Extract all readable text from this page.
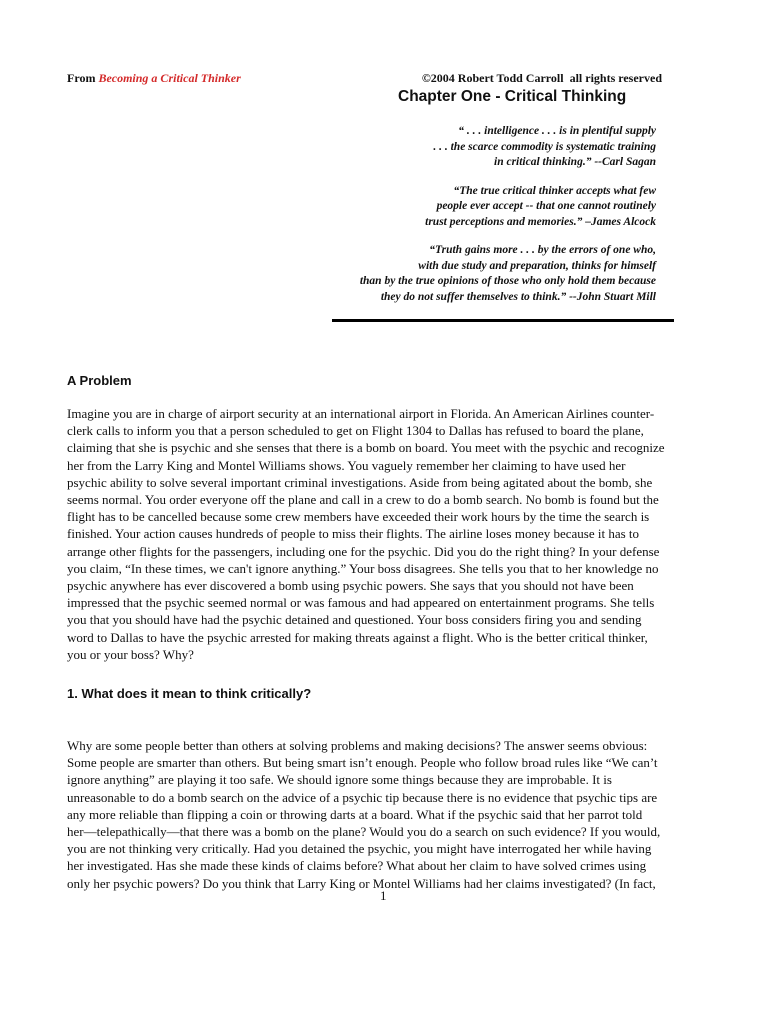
From Becoming a Critical Thinker	©2004 Robert Todd Carroll  all rights reserved
Chapter One - Critical Thinking
“ . . . intelligence . . . is in plentiful supply
. . . the scarce commodity is systematic training
in critical thinking.” --Carl Sagan
“The true critical thinker accepts what few
people ever accept -- that one cannot routinely
trust perceptions and memories.” –James Alcock
“Truth gains more . . . by the errors of one who,
with due study and preparation, thinks for himself
than by the true opinions of those who only hold them because
they do not suffer themselves to think.” --John Stuart Mill
A Problem
Imagine you are in charge of airport security at an international airport in Florida. An American Airlines counter-
clerk calls to inform you that a person scheduled to get on Flight 1304 to Dallas has refused to board the plane,
claiming that she is psychic and she senses that there is a bomb on board. You meet with the psychic and recognize
her from the Larry King and Montel Williams shows. You vaguely remember her claiming to have used her
psychic ability to solve several important criminal investigations. Aside from being agitated about the bomb, she
seems normal. You order everyone off the plane and call in a crew to do a bomb search. No bomb is found but the
flight has to be cancelled because some crew members have exceeded their work hours by the time the search is
finished. Your action causes hundreds of people to miss their flights. The airline loses money because it has to
arrange other flights for the passengers, including one for the psychic. Did you do the right thing? In your defense
you claim, “In these times, we can't ignore anything.” Your boss disagrees. She tells you that to her knowledge no
psychic anywhere has ever discovered a bomb using psychic powers. She says that you should not have been
impressed that the psychic seemed normal or was famous and had appeared on entertainment programs. She tells
you that you should have had the psychic detained and questioned. Your boss considers firing you and sending
word to Dallas to have the psychic arrested for making threats against a flight. Who is the better critical thinker,
you or your boss? Why?
1. What does it mean to think critically?
Why are some people better than others at solving problems and making decisions? The answer seems obvious:
Some people are smarter than others. But being smart isn’t enough. People who follow broad rules like “We can’t
ignore anything” are playing it too safe. We should ignore some things because they are improbable. It is
unreasonable to do a bomb search on the advice of a psychic tip because there is no evidence that psychic tips are
any more reliable than flipping a coin or throwing darts at a board. What if the psychic said that her parrot told
her—telepathically—that there was a bomb on the plane? Would you do a search on such evidence? If you would,
you are not thinking very critically. Had you detained the psychic, you might have interrogated her while having
her investigated. Has she made these kinds of claims before? What about her claim to have solved crimes using
only her psychic powers? Do you think that Larry King or Montel Williams had her claims investigated? (In fact,
1
